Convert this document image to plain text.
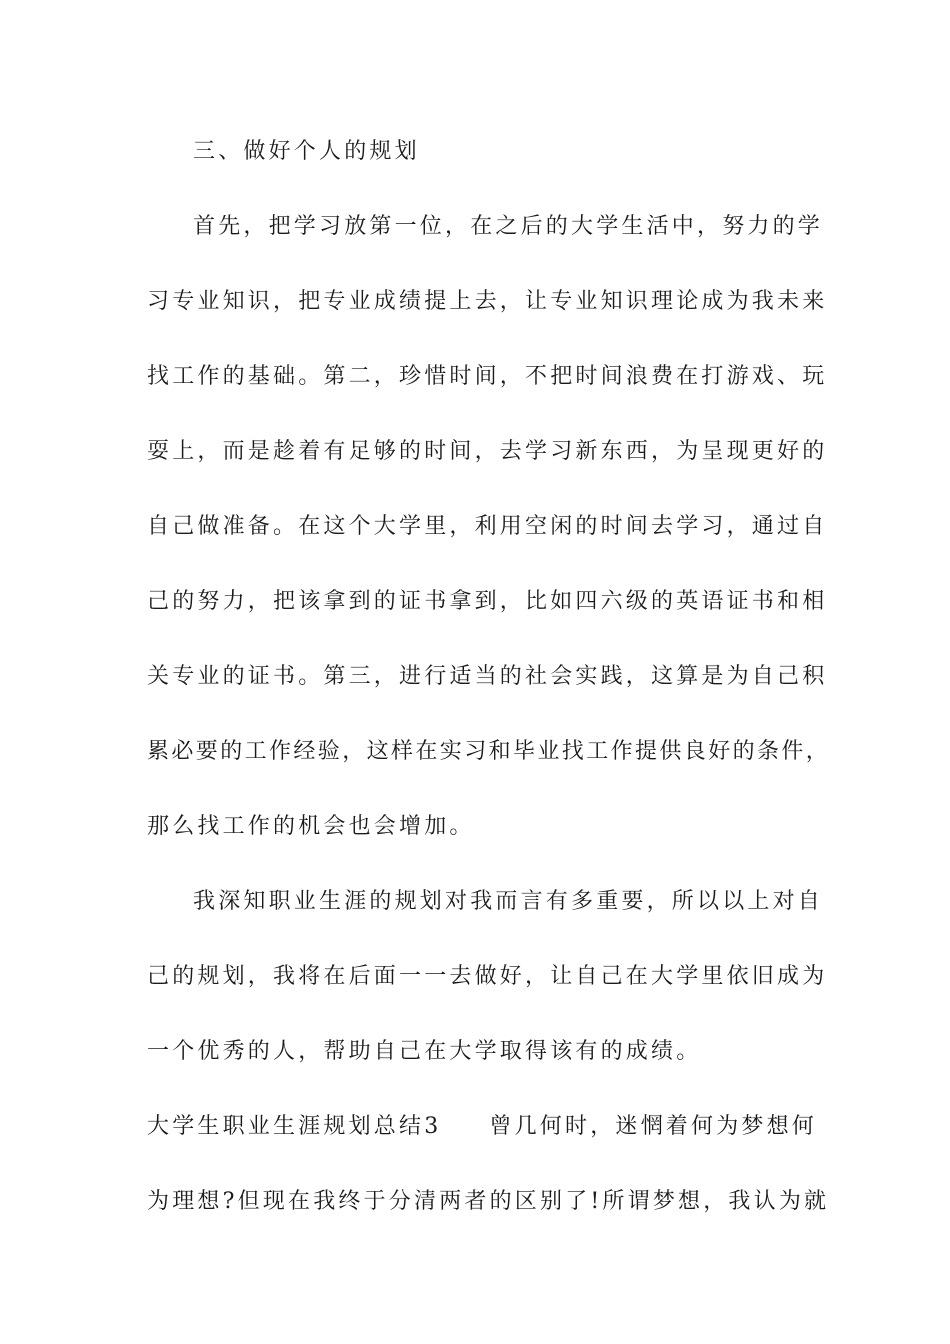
三、做好个人的规划
首先，把学习放第一位，在之后的大学生活中，努力的学
习专业知识，把专业成绩提上去，让专业知识理论成为我未来
找工作的基础。第二，珍惜时间，不把时间浪费在打游戏、玩
耍上，而是趁着有足够的时间，去学习新东西，为呈现更好的
自己做准备。在这个大学里，利用空闲的时间去学习，通过自
己的努力，把该拿到的证书拿到，比如四六级的英语证书和相
关专业的证书。第三，进行适当的社会实践，这算是为自己积
累必要的工作经验，这样在实习和毕业找工作提供良好的条件，
那么找工作的机会也会增加。
我深知职业生涯的规划对我而言有多重要，所以以上对自
己的规划，我将在后面一一去做好，让自己在大学里依旧成为
一个优秀的人，帮助自己在大学取得该有的成绩。
大学生职业生涯规划总结3 曾几何时，迷惘着何为梦想何
为理想?但现在我终于分清两者的区别了!所谓梦想，我认为就
